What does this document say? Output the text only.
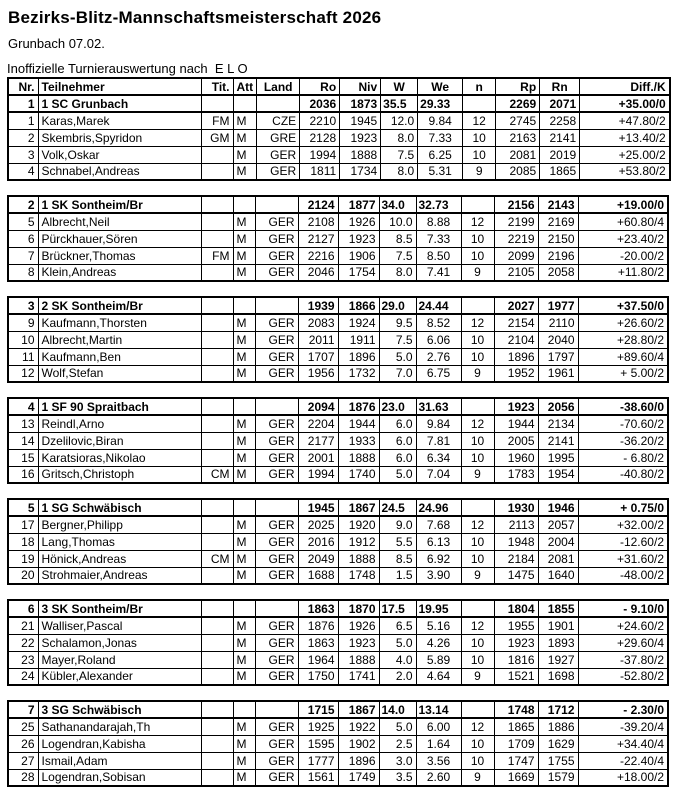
Bezirks-Blitz-Mannschaftsmeisterschaft 2026
Grunbach 07.02.
Inoffizielle Turnierauswertung nach  E L O
Nr.	Teilnehmer	Tit.	Att	Land	Ro	Niv	W	We	n	Rp	Rn	Diff./K
1	1 SC Grunbach				2036	1873	35.5	29.33		2269	2071	+35.00/0
1	Karas,Marek	FM	M	CZE	2210	1945	12.0	9.84	12	2745	2258	+47.80/2
2	Skembris,Spyridon	GM	M	GRE	2128	1923	8.0	7.33	10	2163	2141	+13.40/2
3	Volk,Oskar		M	GER	1994	1888	7.5	6.25	10	2081	2019	+25.00/2
4	Schnabel,Andreas		M	GER	1811	1734	8.0	5.31	9	2085	1865	+53.80/2
2	1 SK Sontheim/Br				2124	1877	34.0	32.73		2156	2143	+19.00/0
5	Albrecht,Neil		M	GER	2108	1926	10.0	8.88	12	2199	2169	+60.80/4
6	Pürckhauer,Sören		M	GER	2127	1923	8.5	7.33	10	2219	2150	+23.40/2
7	Brückner,Thomas	FM	M	GER	2216	1906	7.5	8.50	10	2099	2196	-20.00/2
8	Klein,Andreas		M	GER	2046	1754	8.0	7.41	9	2105	2058	+11.80/2
3	2 SK Sontheim/Br				1939	1866	29.0	24.44		2027	1977	+37.50/0
9	Kaufmann,Thorsten		M	GER	2083	1924	9.5	8.52	12	2154	2110	+26.60/2
10	Albrecht,Martin		M	GER	2011	1911	7.5	6.06	10	2104	2040	+28.80/2
11	Kaufmann,Ben		M	GER	1707	1896	5.0	2.76	10	1896	1797	+89.60/4
12	Wolf,Stefan		M	GER	1956	1732	7.0	6.75	9	1952	1961	+ 5.00/2
4	1 SF 90 Spraitbach				2094	1876	23.0	31.63		1923	2056	-38.60/0
13	Reindl,Arno		M	GER	2204	1944	6.0	9.84	12	1944	2134	-70.60/2
14	Dzelilovic,Biran		M	GER	2177	1933	6.0	7.81	10	2005	2141	-36.20/2
15	Karatsioras,Nikolao		M	GER	2001	1888	6.0	6.34	10	1960	1995	- 6.80/2
16	Gritsch,Christoph	CM	M	GER	1994	1740	5.0	7.04	9	1783	1954	-40.80/2
5	1 SG Schwäbisch				1945	1867	24.5	24.96		1930	1946	+ 0.75/0
17	Bergner,Philipp		M	GER	2025	1920	9.0	7.68	12	2113	2057	+32.00/2
18	Lang,Thomas		M	GER	2016	1912	5.5	6.13	10	1948	2004	-12.60/2
19	Hönick,Andreas	CM	M	GER	2049	1888	8.5	6.92	10	2184	2081	+31.60/2
20	Strohmaier,Andreas		M	GER	1688	1748	1.5	3.90	9	1475	1640	-48.00/2
6	3 SK Sontheim/Br				1863	1870	17.5	19.95		1804	1855	- 9.10/0
21	Walliser,Pascal		M	GER	1876	1926	6.5	5.16	12	1955	1901	+24.60/2
22	Schalamon,Jonas		M	GER	1863	1923	5.0	4.26	10	1923	1893	+29.60/4
23	Mayer,Roland		M	GER	1964	1888	4.0	5.89	10	1816	1927	-37.80/2
24	Kübler,Alexander		M	GER	1750	1741	2.0	4.64	9	1521	1698	-52.80/2
7	3 SG Schwäbisch				1715	1867	14.0	13.14		1748	1712	- 2.30/0
25	Sathanandarajah,Th		M	GER	1925	1922	5.0	6.00	12	1865	1886	-39.20/4
26	Logendran,Kabisha		M	GER	1595	1902	2.5	1.64	10	1709	1629	+34.40/4
27	Ismail,Adam		M	GER	1777	1896	3.0	3.56	10	1747	1755	-22.40/4
28	Logendran,Sobisan		M	GER	1561	1749	3.5	2.60	9	1669	1579	+18.00/2
